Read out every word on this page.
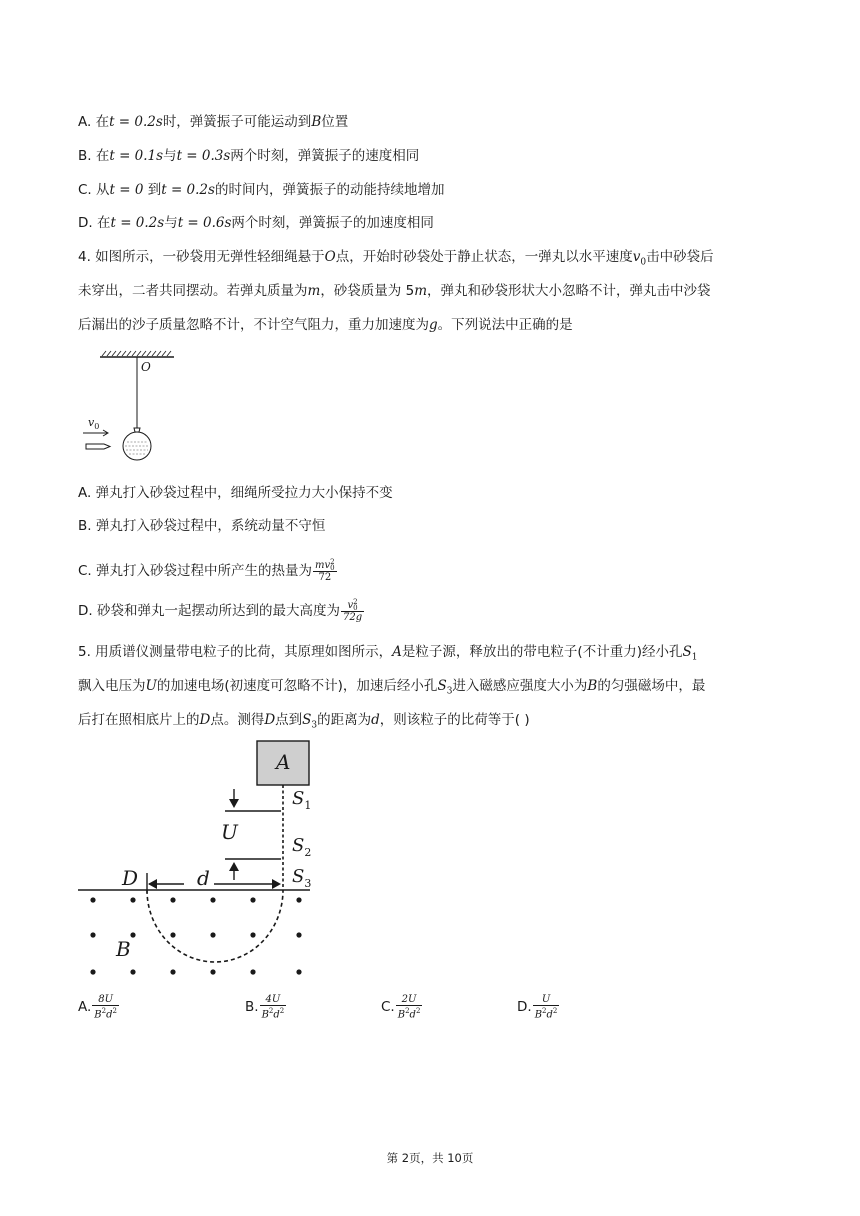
A. 在t = 0.2s时，弹簧振子可能运动到B位置
B. 在t = 0.1s与t = 0.3s两个时刻，弹簧振子的速度相同
C. 从t = 0 到t = 0.2s的时间内，弹簧振子的动能持续地增加
D. 在t = 0.2s与t = 0.6s两个时刻，弹簧振子的加速度相同
4. 如图所示，一砂袋用无弹性轻细绳悬于O点，开始时砂袋处于静止状态，一弹丸以水平速度$v_0$击中砂袋后
未穿出，二者共同摆动。若弹丸质量为m，砂袋质量为 5m，弹丸和砂袋形状大小忽略不计，弹丸击中沙袋
后漏出的沙子质量忽略不计，不计空气阻力，重力加速度为g。下列说法中正确的是
O
$v_0$
A. 弹丸打入砂袋过程中，细绳所受拉力大小保持不变
B. 弹丸打入砂袋过程中，系统动量不守恒
C. 弹丸打入砂袋过程中所产生的热量为 mv 2
0
72
D. 砂袋和弹丸一起摆动所达到的最大高度为 v 2
0
72g
5. 用质谱仪测量带电粒子的比荷，其原理如图所示，A是粒子源，释放出的带电粒子(不计重力)经小孔$S_1$
飘入电压为U的加速电场(初速度可忽略不计)，加速后经小孔$S_3$进入磁感应强度大小为B的匀强磁场中，最
后打在照相底片上的D点。测得D点到$S_3$的距离为d，则该粒子的比荷等于( )
A
$S_1$
U
$S_2$
$S_3$
D	d
B
A. $\frac{8U}{B^2d^2}$	B. $\frac{4U}{B^2d^2}$	C. $\frac{2U}{B^2d^2}$	D. $\frac{U}{B^2d^2}$
第 2页，共 10页
